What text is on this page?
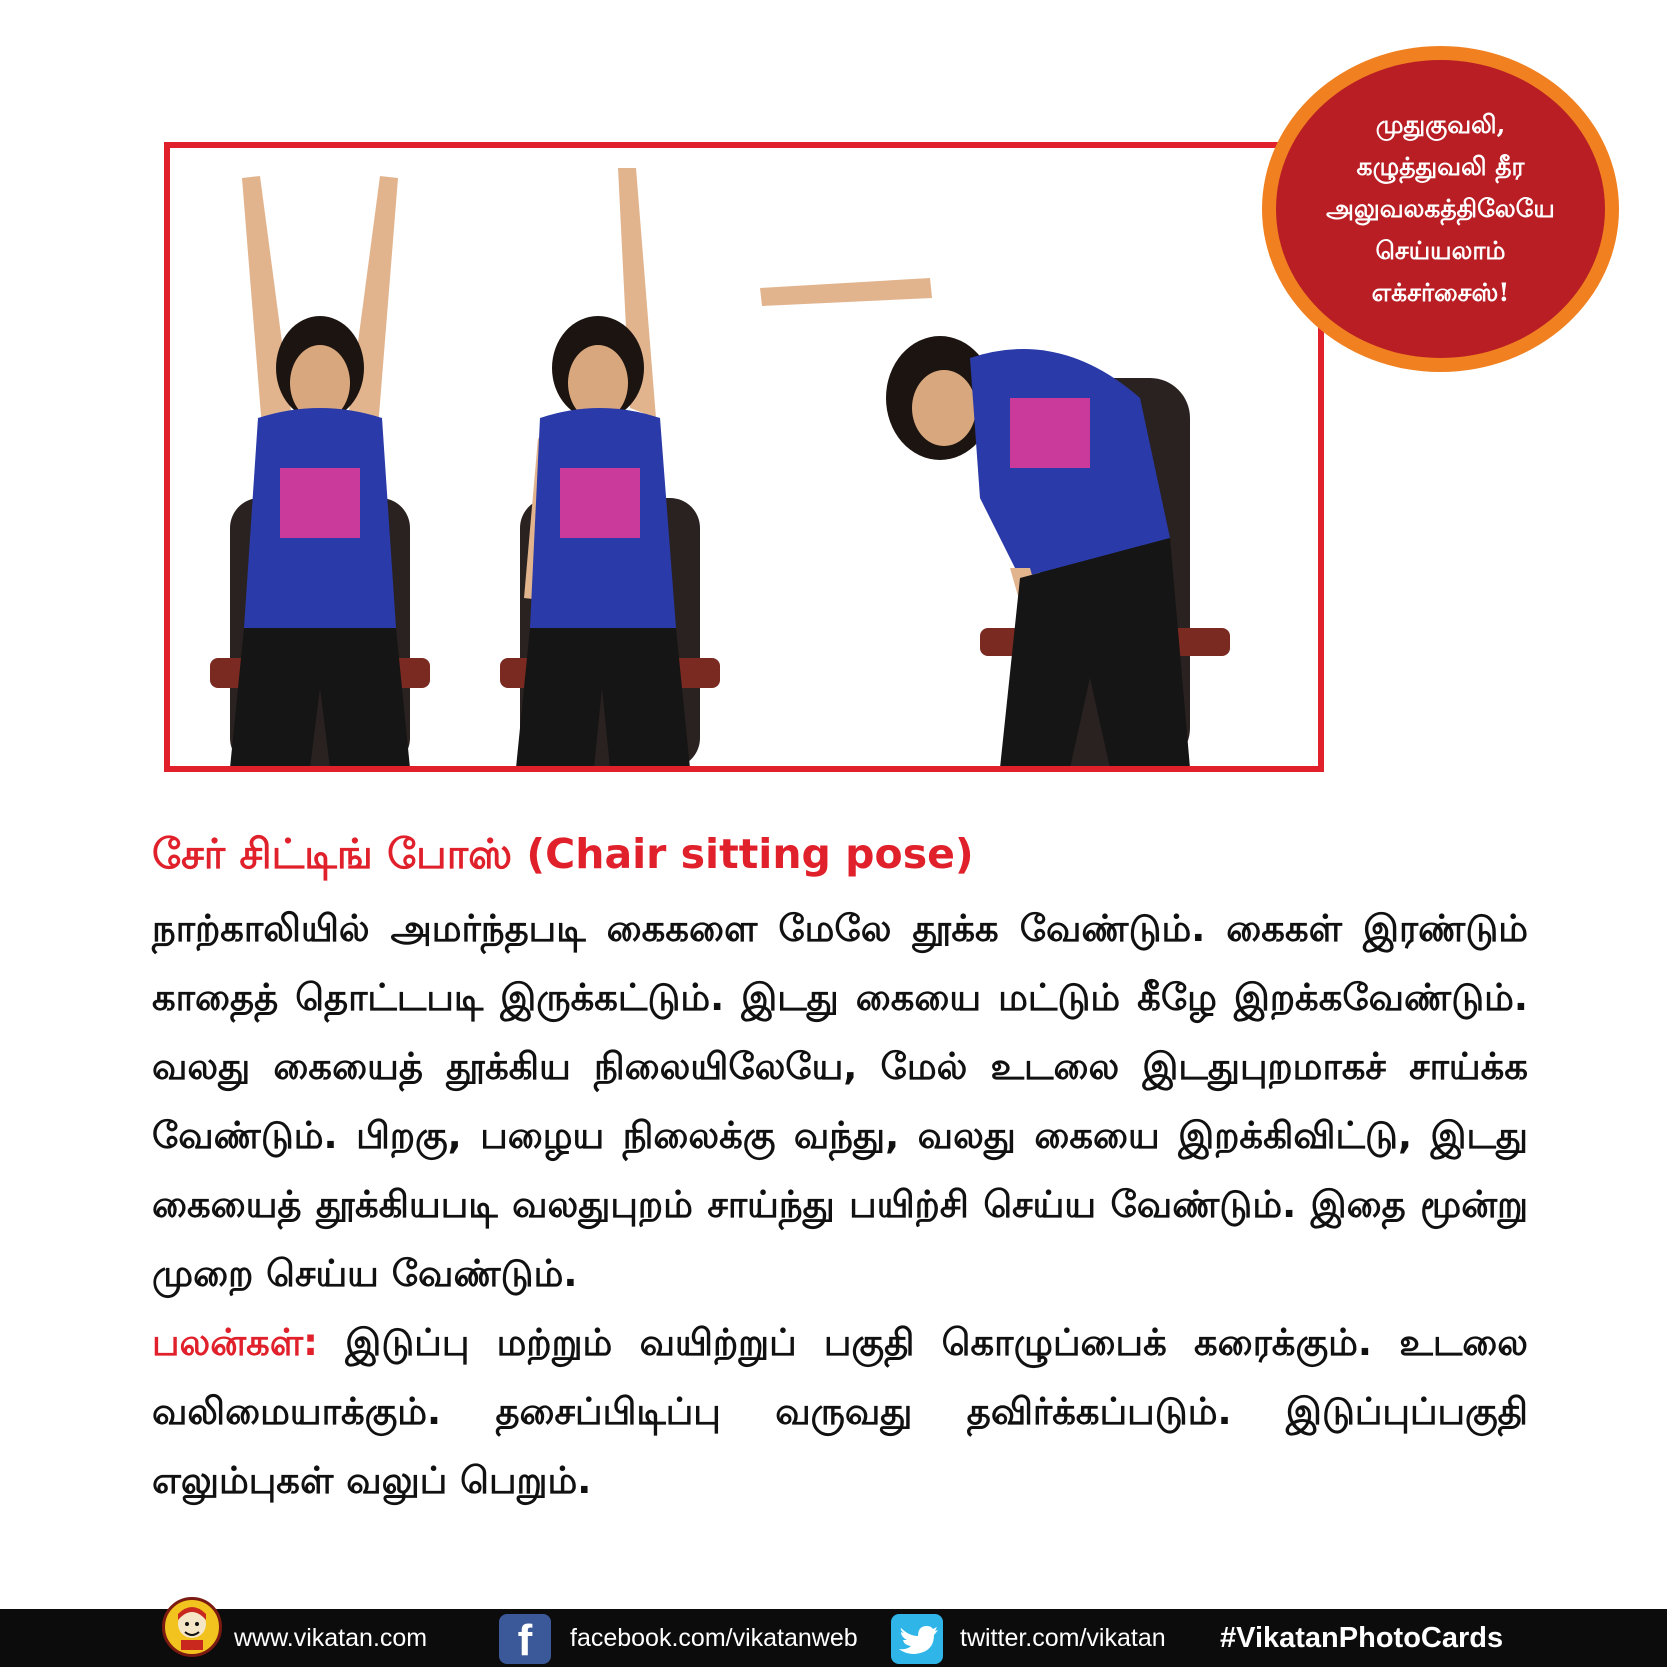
முதுகுவலி,
கழுத்துவலி தீர
அலுவலகத்திலேயே
செய்யலாம்
எக்சர்சைஸ்!
சேர் சிட்டிங் போஸ் (Chair sitting pose)
நாற்காலியில் அமர்ந்தபடி கைகளை மேலே தூக்க வேண்டும். கைகள் இரண்டும் காதைத் தொட்டபடி இருக்கட்டும். இடது கையை மட்டும் கீழே இறக்கவேண்டும். வலது கையைத் தூக்கிய நிலையிலேயே, மேல் உடலை இடதுபுறமாகச் சாய்க்க வேண்டும். பிறகு, பழைய நிலைக்கு வந்து, வலது கையை இறக்கிவிட்டு, இடது கையைத் தூக்கியபடி வலதுபுறம் சாய்ந்து பயிற்சி செய்ய வேண்டும். இதை மூன்று முறை செய்ய வேண்டும்.
பலன்கள்: இடுப்பு மற்றும் வயிற்றுப் பகுதி கொழுப்பைக் கரைக்கும். உடலை வலிமையாக்கும். தசைப்பிடிப்பு வருவது தவிர்க்கப்படும். இடுப்புப்பகுதி எலும்புகள் வலுப் பெறும்.
www.vikatan.com	facebook.com/vikatanweb	twitter.com/vikatan #VikatanPhotoCards
f
